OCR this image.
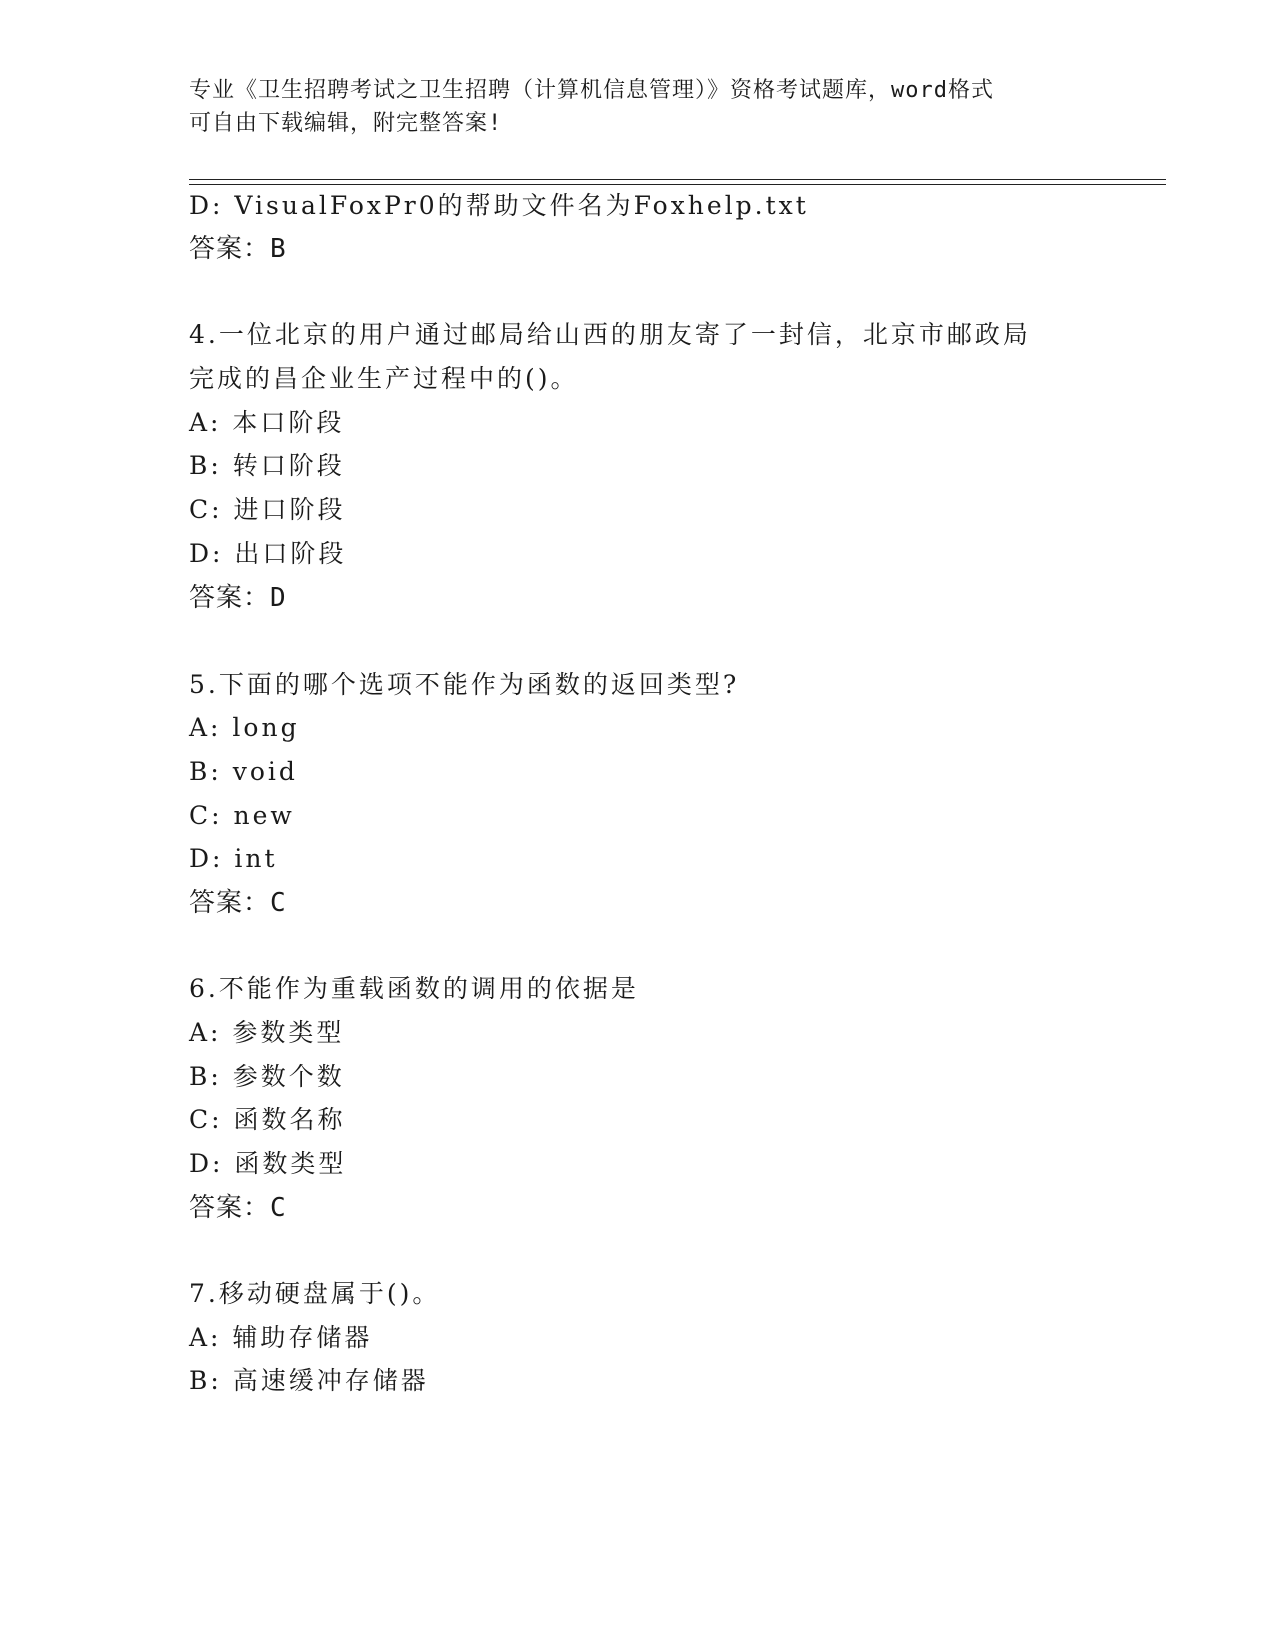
专业《卫生招聘考试之卫生招聘（计算机信息管理）》资格考试题库，word格式
可自由下载编辑，附完整答案!
D: VisualFoxPr0的帮助文件名为Foxhelp.txt
答案：B
4.一位北京的用户通过邮局给山西的朋友寄了一封信，北京市邮政局
完成的昌企业生产过程中的()。
A: 本口阶段
B: 转口阶段
C: 进口阶段
D: 出口阶段
答案：D
5.下面的哪个选项不能作为函数的返回类型?
A: long
B: void
C: new
D: int
答案：C
6.不能作为重载函数的调用的依据是
A: 参数类型
B: 参数个数
C: 函数名称
D: 函数类型
答案：C
7.移动硬盘属于()。
A: 辅助存储器
B: 高速缓冲存储器
